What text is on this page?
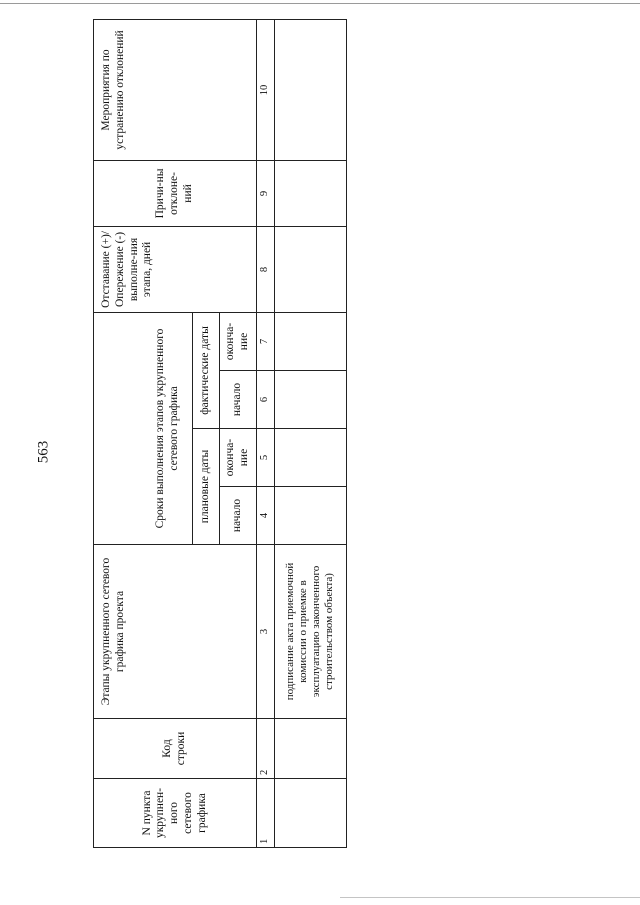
563
N пункта укрупнен-ного сетевого графика	Код строки	Этапы укрупненного сетевого графика проекта	Сроки выполнения этапов укрупненного сетевого графика				Отставание (+)/ Опережение (-) выполне-ния этапа, дней	Причи-ны отклоне-ний	Мероприятия по устранению отклонений
			плановые даты		фактические даты				
			начало	оконча-ние	начало	оконча-ние			
1	2	3	4	5	6	7	8	9	10
		подписание акта приемочной комиссии о приемке в эксплуатацию законченного строительством объекта)							
